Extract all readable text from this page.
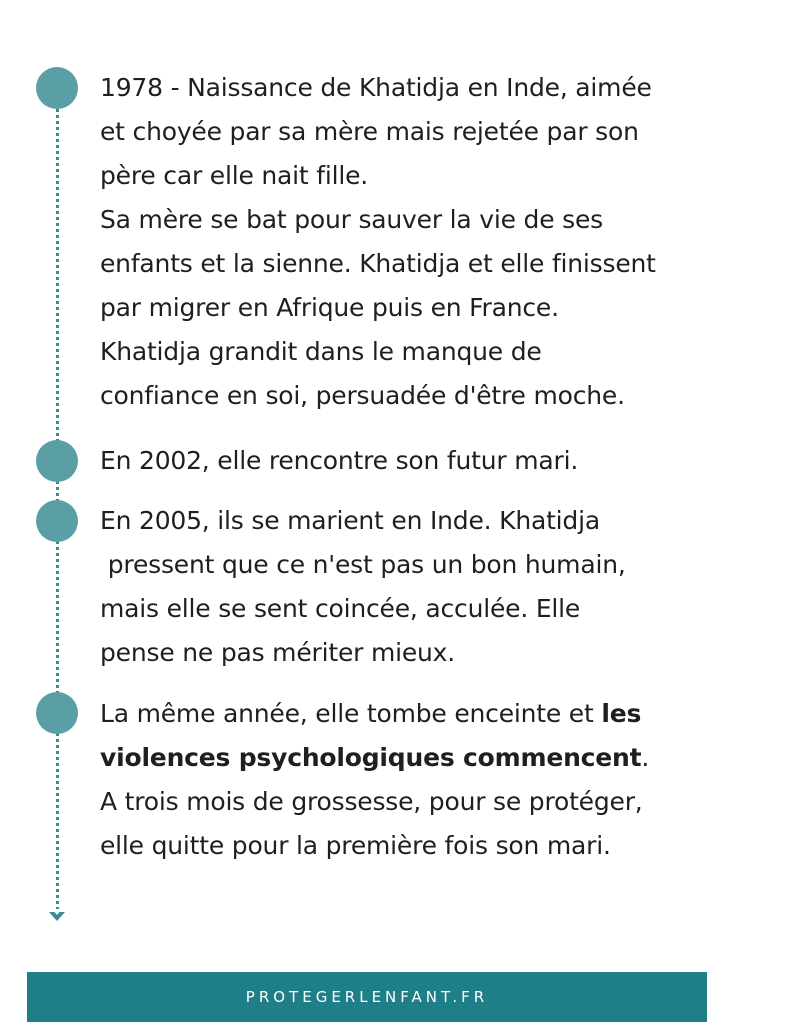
1978 - Naissance de Khatidja en Inde, aimée
et choyée par sa mère mais rejetée par son
père car elle nait fille.
Sa mère se bat pour sauver la vie de ses
enfants et la sienne. Khatidja et elle finissent
par migrer en Afrique puis en France.
Khatidja grandit dans le manque de
confiance en soi, persuadée d'être moche.

En 2002, elle rencontre son futur mari.

En 2005, ils se marient en Inde. Khatidja
pressent que ce n'est pas un bon humain,
mais elle se sent coincée, acculée. Elle
pense ne pas mériter mieux.

La même année, elle tombe enceinte et les
violences psychologiques commencent.
A trois mois de grossesse, pour se protéger,
elle quitte pour la première fois son mari.

PROTEGERLENFANT.FR
